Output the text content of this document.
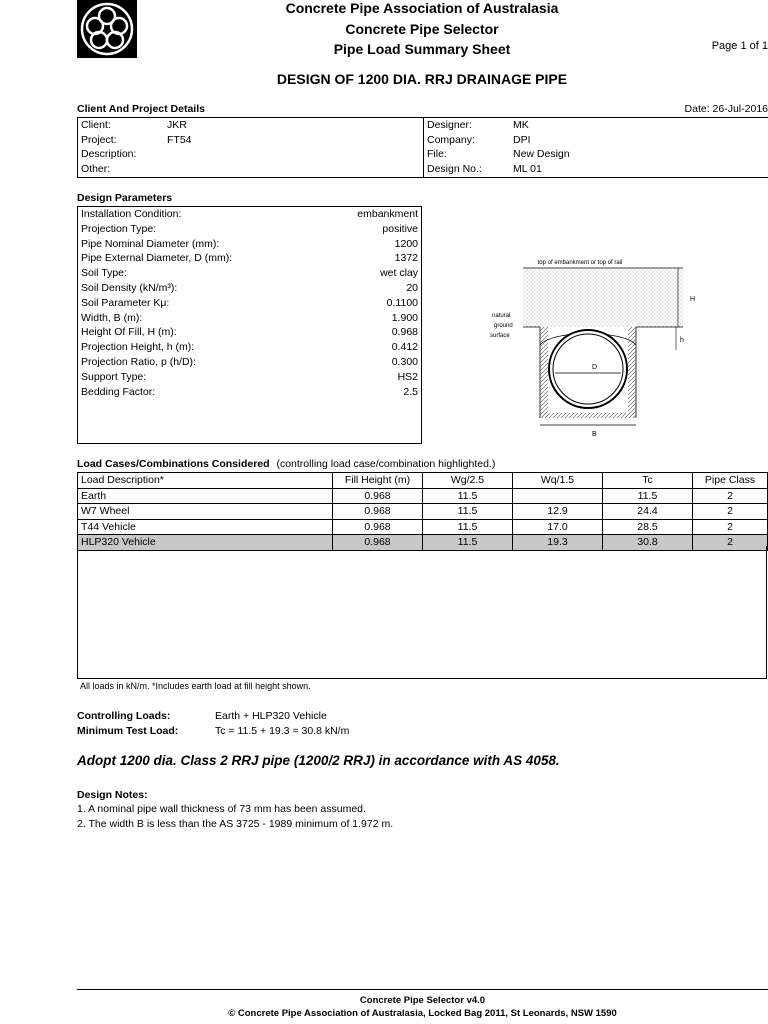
Concrete Pipe Association of Australasia
Concrete Pipe Selector
Pipe Load Summary Sheet	Page 1 of 1
DESIGN OF 1200 DIA. RRJ DRAINAGE PIPE
Client And Project Details	Date: 26-Jul-2016
Client:	JKR
Project:	FT54
Description:	
Other:	
Designer:	MK
Company:	DPI
File:	New Design
Design No.:	ML 01
Design Parameters
Installation Condition:	embankment
Projection Type:	positive
Pipe Nominal Diameter (mm):	1200
Pipe External Diameter, D (mm):	1372
Soil Type:	wet clay
Soil Density (kN/m³):	20
Soil Parameter Kμ:	0.1100
Width, B (m):	1.900
Height Of Fill, H (m):	0.968
Projection Height, h (m):	0.412
Projection Ratio, p (h/D):	0.300
Support Type:	HS2
Bedding Factor:	2.5
top of embankment or top of rail
D
B
H
h
natural
ground
surface
Load Cases/Combinations Considered (controlling load case/combination highlighted.)
Load Description*	Fill Height (m)	Wg/2.5	Wq/1.5	Tc	Pipe Class
Earth	0.968	11.5		11.5	2
W7 Wheel	0.968	11.5	12.9	24.4	2
T44 Vehicle	0.968	11.5	17.0	28.5	2
HLP320 Vehicle	0.968	11.5	19.3	30.8	2
All loads in kN/m. *Includes earth load at fill height shown.
Controlling Loads:	Earth + HLP320 Vehicle
Minimum Test Load:	Tc = 11.5 + 19.3 = 30.8 kN/m
Adopt 1200 dia. Class 2 RRJ pipe (1200/2 RRJ) in accordance with AS 4058.
Design Notes:
1. A nominal pipe wall thickness of 73 mm has been assumed.
2. The width B is less than the AS 3725 - 1989 minimum of 1.972 m.
Concrete Pipe Selector v4.0
© Concrete Pipe Association of Australasia, Locked Bag 2011, St Leonards, NSW 1590
